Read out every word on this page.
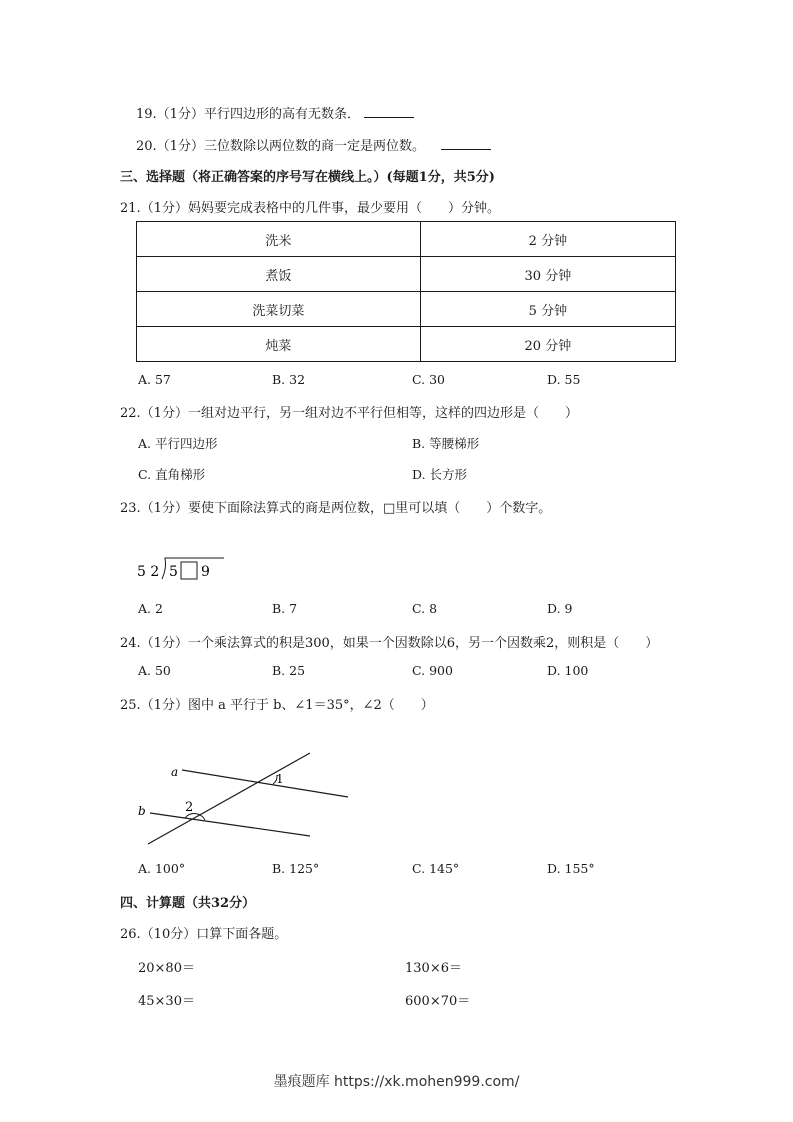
19.（1分）平行四边形的高有无数条．
20.（1分）三位数除以两位数的商一定是两位数。
三、选择题（将正确答案的序号写在横线上。）(每题1分，共5分)
21.（1分）妈妈要完成表格中的几件事，最少要用（　　）分钟。
洗米	2 分钟
煮饭	30 分钟
洗菜切菜	5 分钟
炖菜	20 分钟
A. 57	B. 32	C. 30	D. 55
22.（1分）一组对边平行，另一组对边不平行但相等，这样的四边形是（　　）
A. 平行四边形	B. 等腰梯形
C. 直角梯形	D. 长方形
23.（1分）要使下面除法算式的商是两位数，□里可以填（　　）个数字。
5 2 5 9
A. 2	B. 7	C. 8	D. 9
24.（1分）一个乘法算式的积是300，如果一个因数除以6，另一个因数乘2，则积是（　　）
A. 50	B. 25	C. 900	D. 100
25.（1分）图中 a 平行于 b、∠1＝35°，∠2（　　）
a
b
1
2
A. 100°	B. 125°	C. 145°	D. 155°
四、计算题（共32分）
26.（10分）口算下面各题。
20×80＝	130×6＝
45×30＝	600×70＝
墨痕题库 https://xk.mohen999.com/
